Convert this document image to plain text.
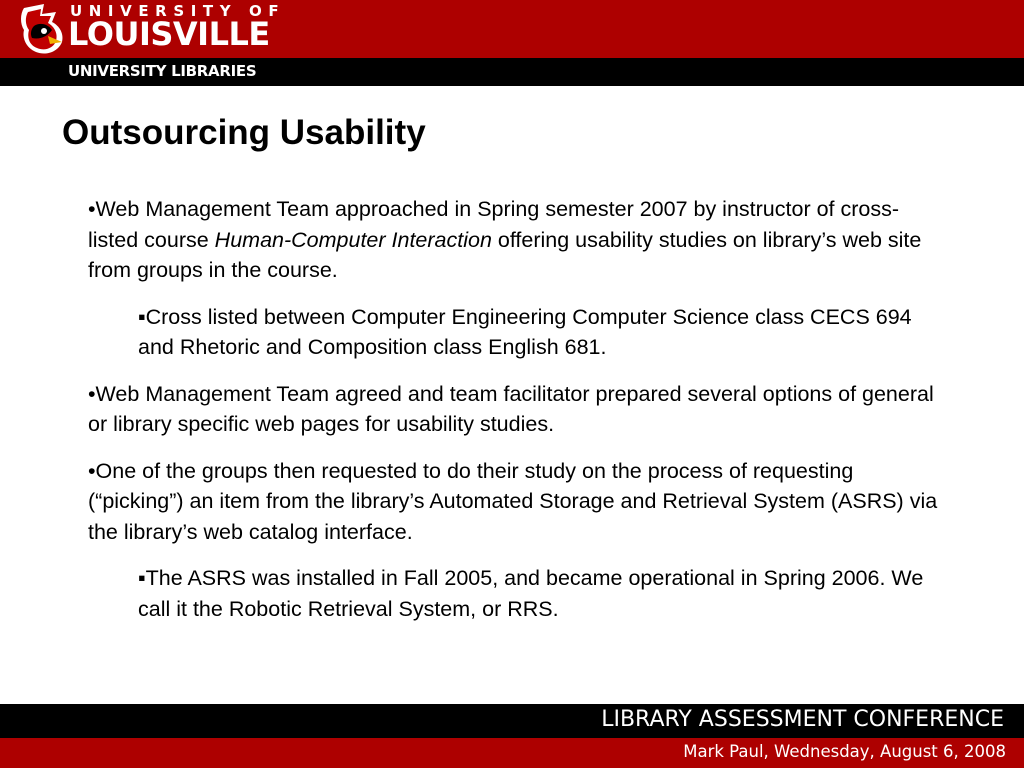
UNIVERSITY OF
LOUISVILLE
UNIVERSITY LIBRARIES
Outsourcing Usability

•Web Management Team approached in Spring semester 2007 by instructor of cross-listed course Human-Computer Interaction offering usability studies on library’s web site from groups in the course.

▪Cross listed between Computer Engineering Computer Science class CECS 694 and Rhetoric and Composition class English 681.

•Web Management Team agreed and team facilitator prepared several options of general or library specific web pages for usability studies.

•One of the groups then requested to do their study on the process of requesting (“picking”) an item from the library’s Automated Storage and Retrieval System (ASRS) via the library’s web catalog interface.

▪The ASRS was installed in Fall 2005, and became operational in Spring 2006. We call it the Robotic Retrieval System, or RRS.

LIBRARY ASSESSMENT CONFERENCE
Mark Paul, Wednesday, August 6, 2008
